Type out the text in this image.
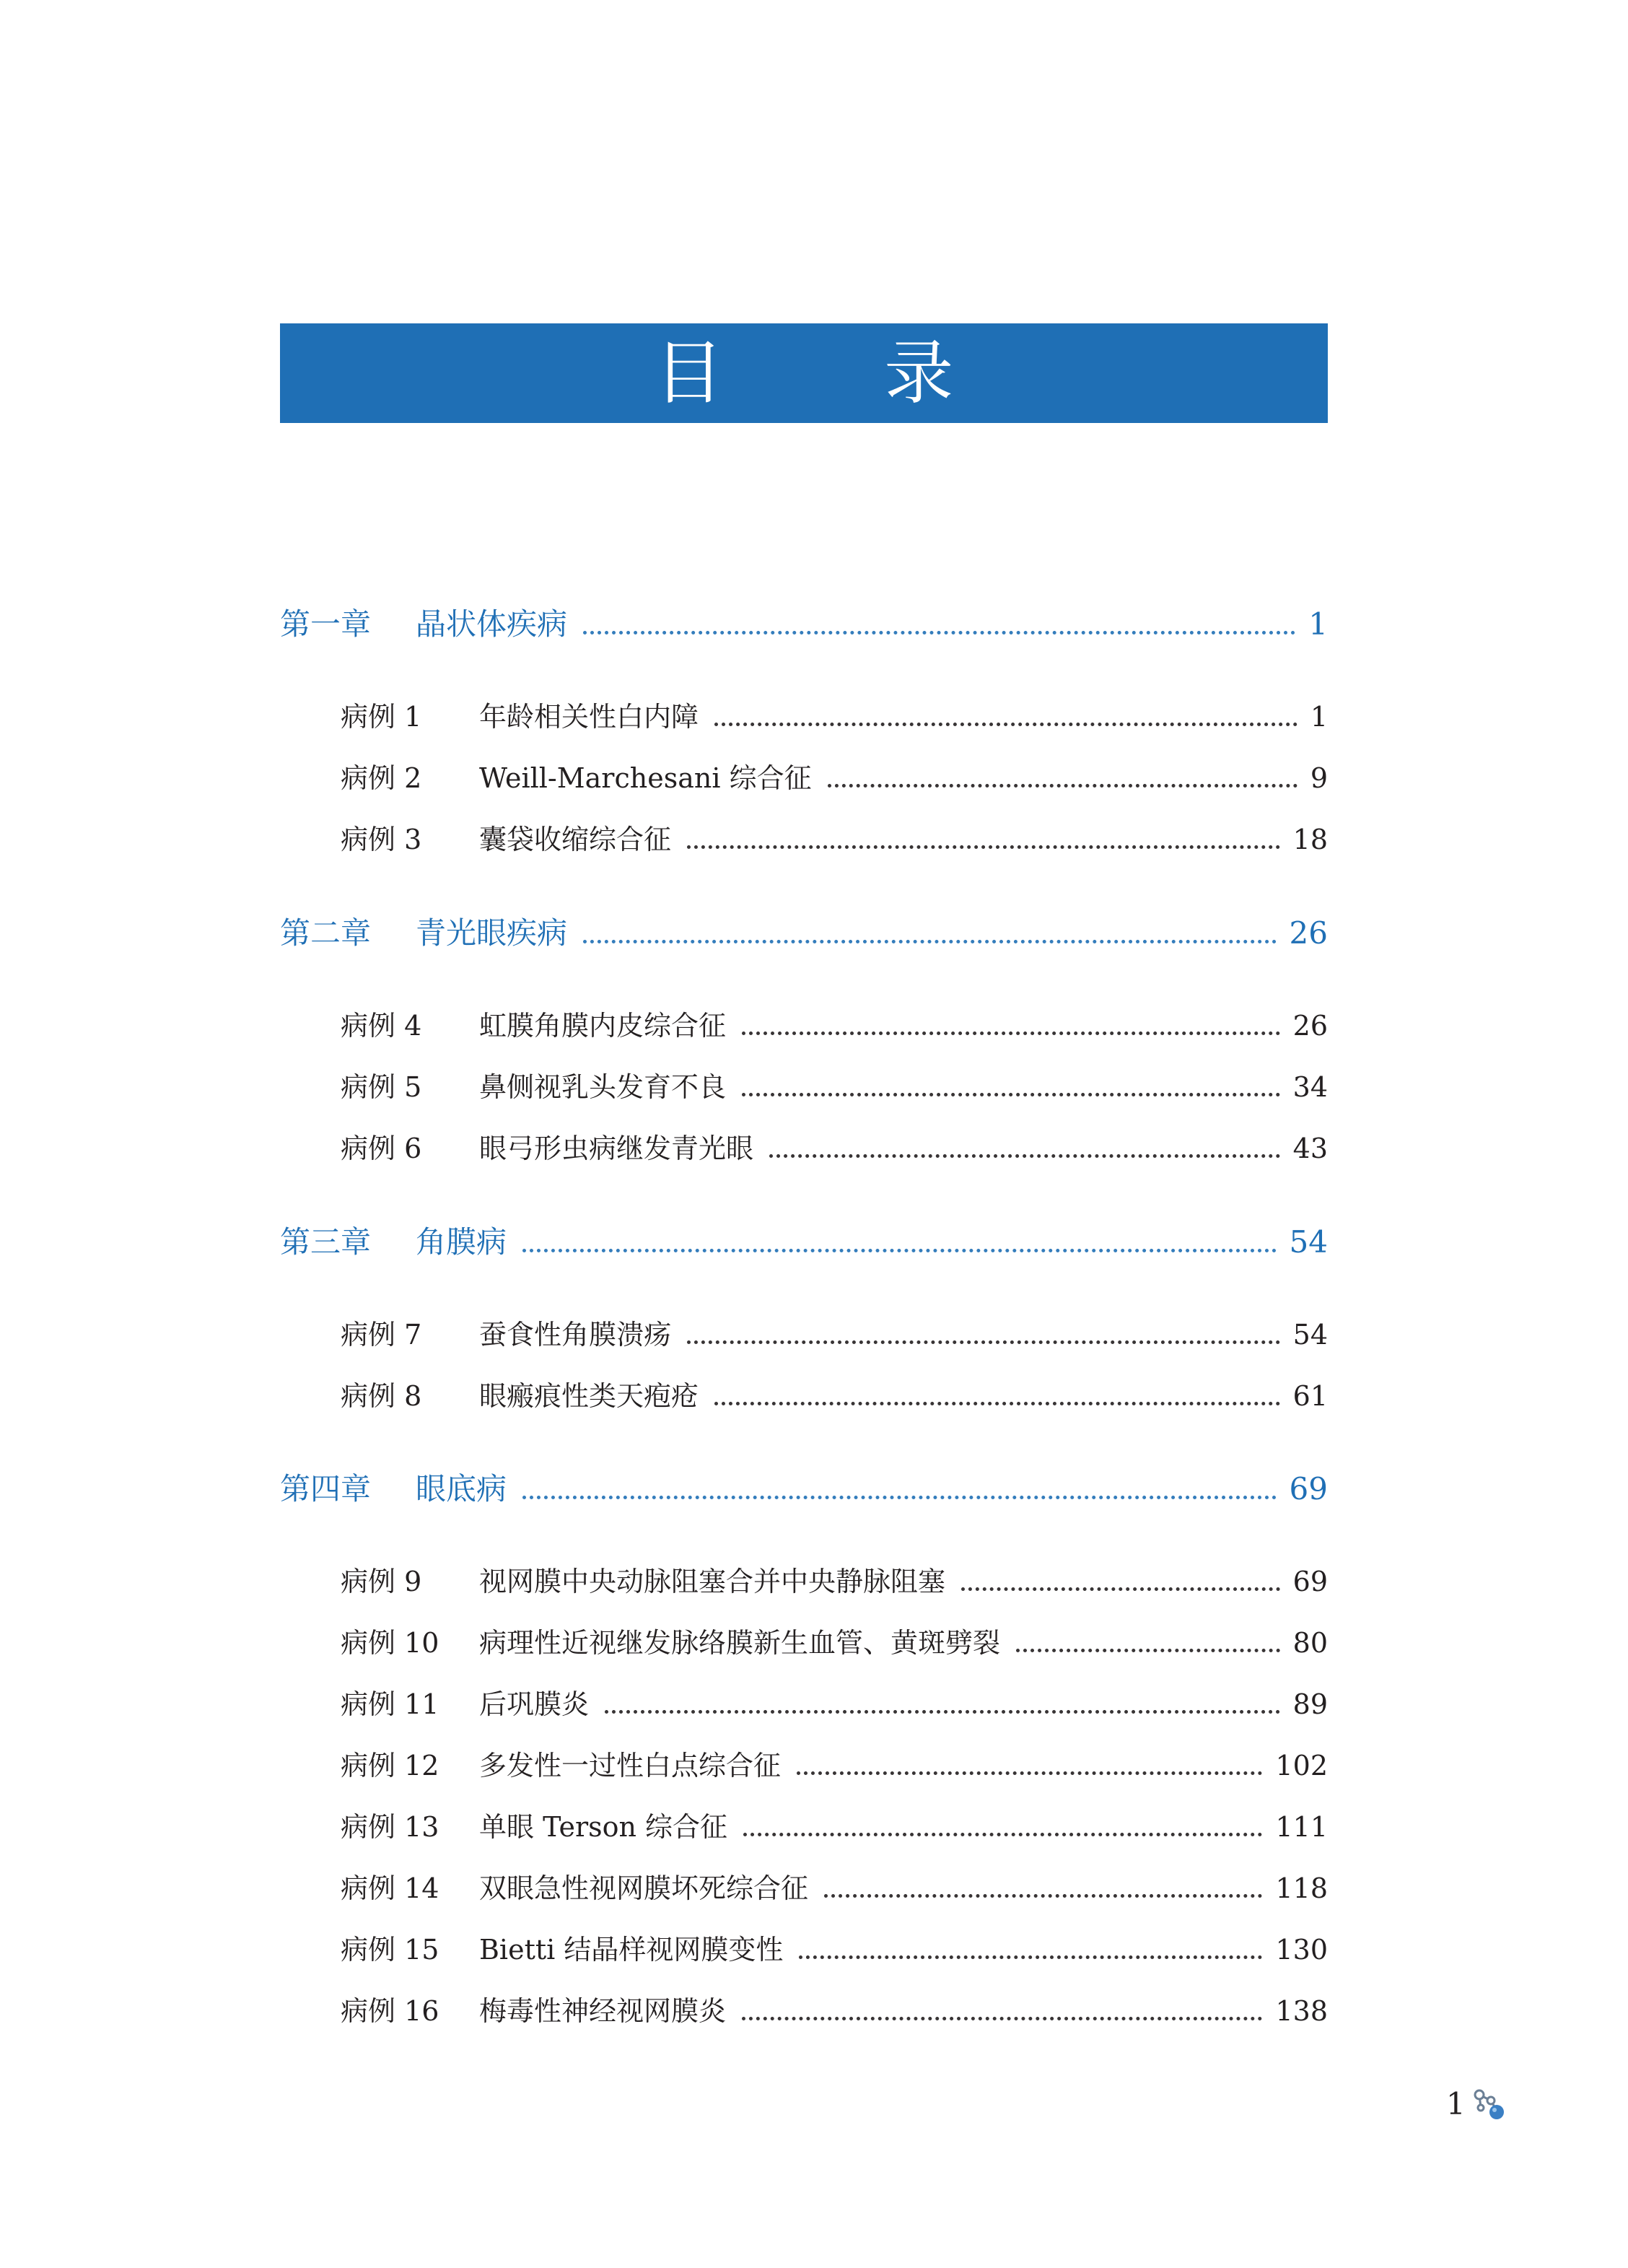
目 录
第一章	晶状体疾病	1
病例 1	年龄相关性白内障	1
病例 2	Weill-Marchesani 综合征	9
病例 3	囊袋收缩综合征	18
第二章	青光眼疾病	26
病例 4	虹膜角膜内皮综合征	26
病例 5	鼻侧视乳头发育不良	34
病例 6	眼弓形虫病继发青光眼	43
第三章	角膜病	54
病例 7	蚕食性角膜溃疡	54
病例 8	眼瘢痕性类天疱疮	61
第四章	眼底病	69
病例 9	视网膜中央动脉阻塞合并中央静脉阻塞	69
病例 10	病理性近视继发脉络膜新生血管、黄斑劈裂	80
病例 11	后巩膜炎	89
病例 12	多发性一过性白点综合征	102
病例 13	单眼 Terson 综合征	111
病例 14	双眼急性视网膜坏死综合征	118
病例 15	Bietti 结晶样视网膜变性	130
病例 16	梅毒性神经视网膜炎	138
1
